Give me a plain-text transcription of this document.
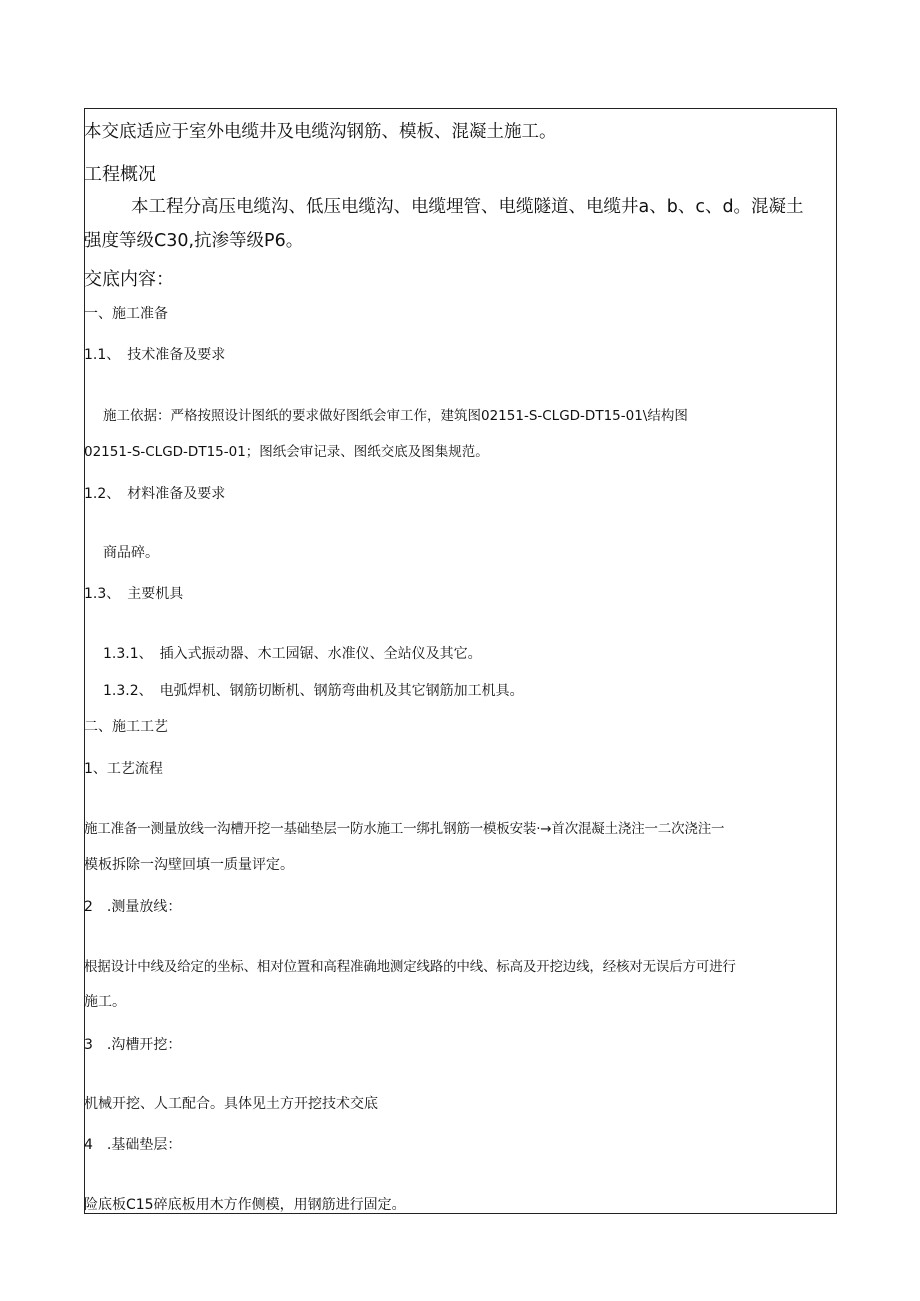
本交底适应于室外电缆井及电缆沟钢筋、模板、混凝土施工。

工程概况

本工程分高压电缆沟、低压电缆沟、电缆埋管、电缆隧道、电缆井a、b、c、d。混凝土

强度等级C30,抗渗等级P6。

交底内容：

一、施工准备

1.1、　技术准备及要求

施工依据：严格按照设计图纸的要求做好图纸会审工作，建筑图02151-S-CLGD-DT15-01\结构图

02151-S-CLGD-DT15-01；图纸会审记录、图纸交底及图集规范。

1.2、　材料准备及要求

商品碎。

1.3、　主要机具

1.3.1、　插入式振动器、木工园锯、水准仪、全站仪及其它。

1.3.2、　电弧焊机、钢筋切断机、钢筋弯曲机及其它钢筋加工机具。

二、施工工艺

1、工艺流程

施工准备一测量放线一沟槽开挖一基础垫层一防水施工一绑扎钢筋一模板安装·→首次混凝土浇注一二次浇注一

模板拆除一沟壁回填一质量评定。

2　.测量放线：

根据设计中线及给定的坐标、相对位置和高程准确地测定线路的中线、标高及开挖边线，经核对无误后方可进行

施工。

3　.沟槽开挖：

机械开挖、人工配合。具体见土方开挖技术交底

4　.基础垫层：

险底板C15碎底板用木方作侧模，用钢筋进行固定。
